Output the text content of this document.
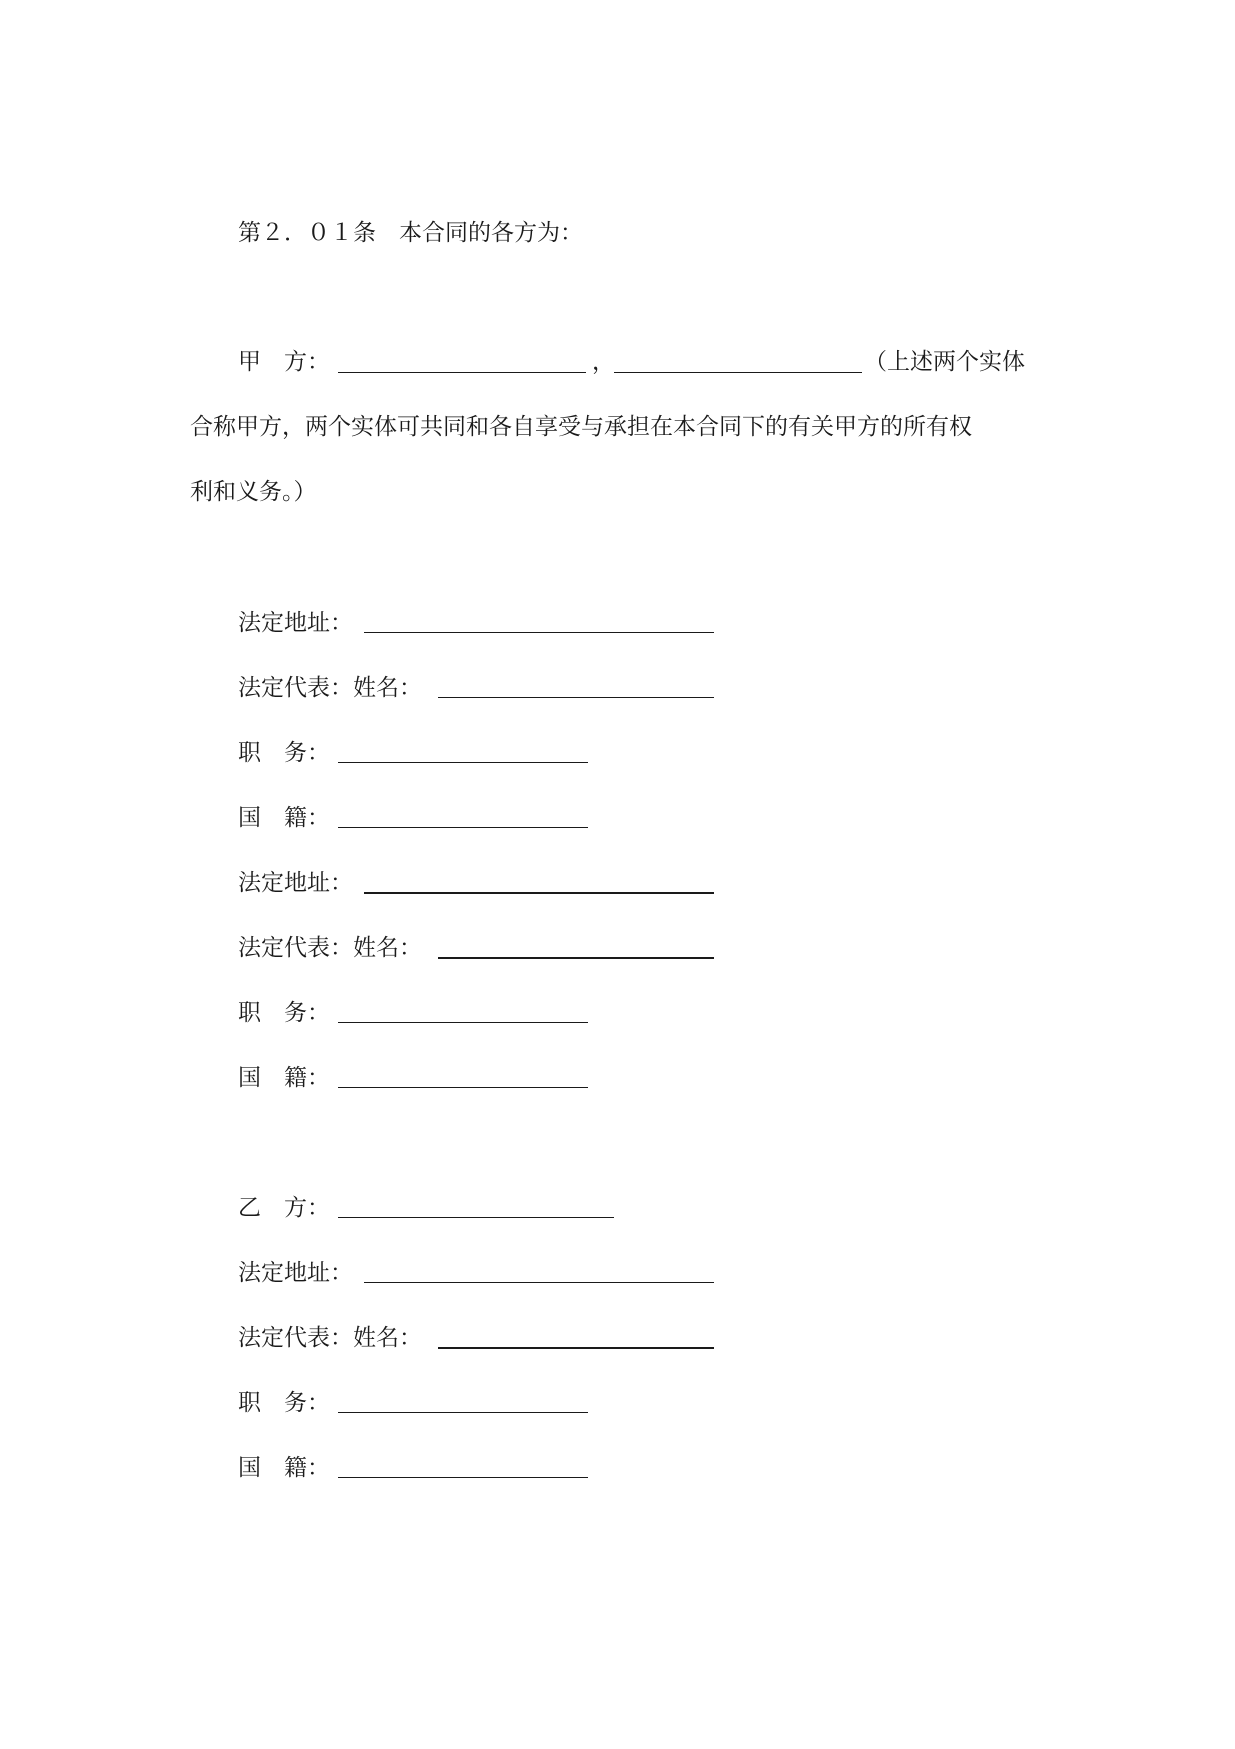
第２．０１条　本合同的各方为：
甲　方：	，	（上述两个实体
合称甲方，两个实体可共同和各自享受与承担在本合同下的有关甲方的所有权
利和义务。）
法定地址：
法定代表：姓名：
职　务：
国　籍：
法定地址：
法定代表：姓名：
职　务：
国　籍：
乙　方：
法定地址：
法定代表：姓名：
职　务：
国　籍：
